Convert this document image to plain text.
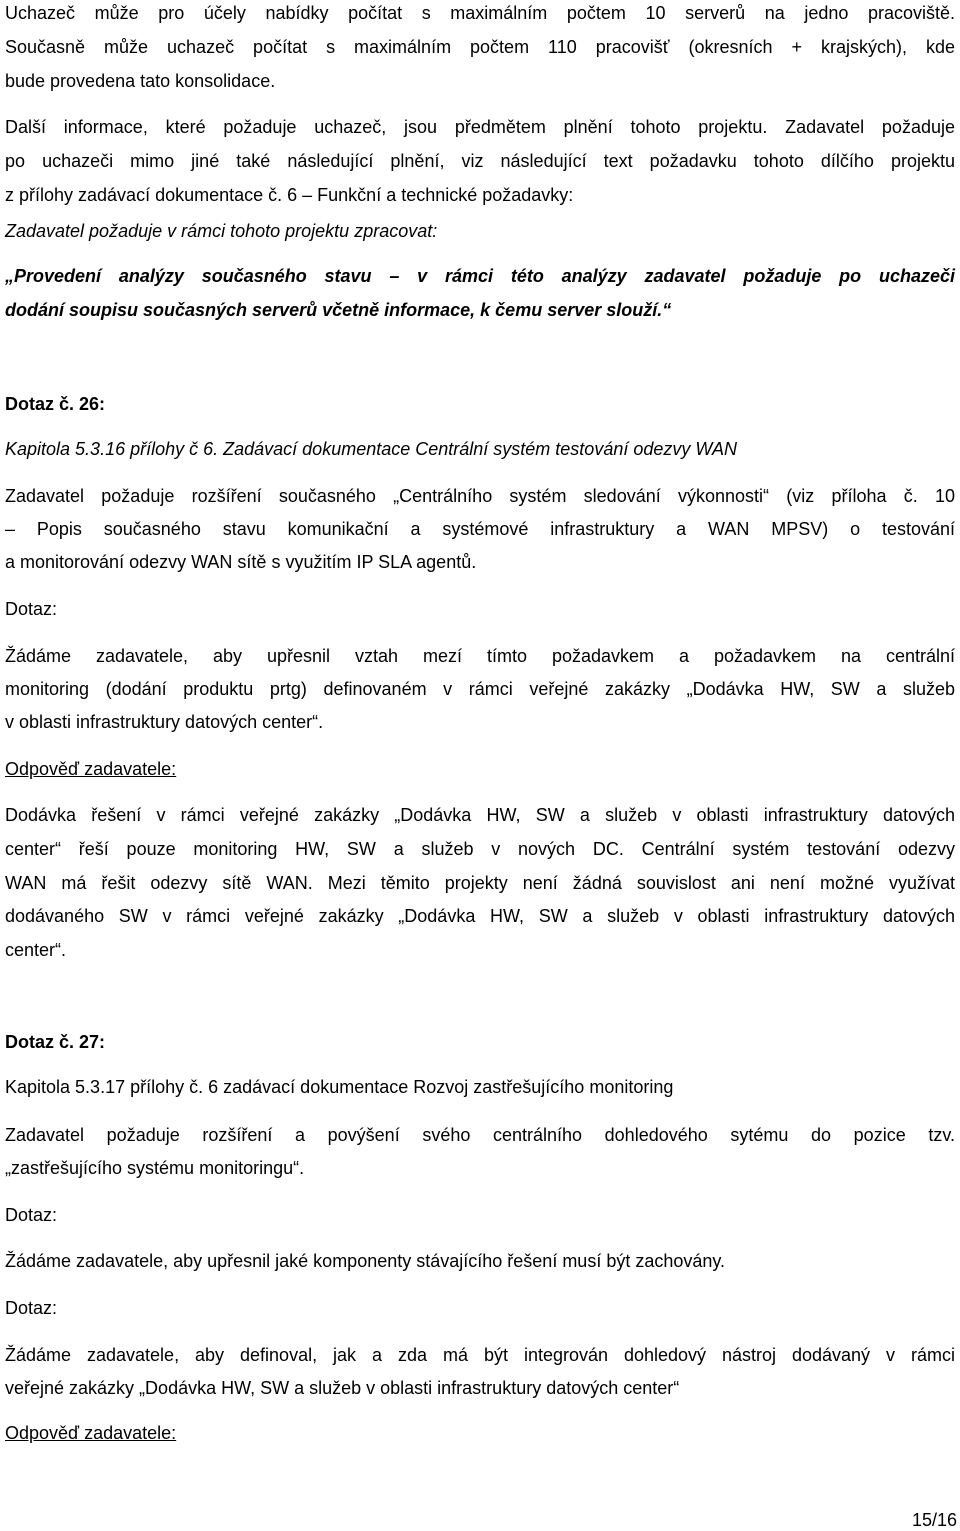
Uchazeč může pro účely nabídky počítat s maximálním počtem 10 serverů na jedno pracoviště.
Současně může uchazeč počítat s maximálním počtem 110 pracovišť (okresních + krajských), kde
bude provedena tato konsolidace.
Další informace, které požaduje uchazeč, jsou předmětem plnění tohoto projektu. Zadavatel požaduje
po uchazeči mimo jiné také následující plnění, viz následující text požadavku tohoto dílčího projektu
z přílohy zadávací dokumentace č. 6 – Funkční a technické požadavky:
Zadavatel požaduje v rámci tohoto projektu zpracovat:
„Provedení analýzy současného stavu – v rámci této analýzy zadavatel požaduje po uchazeči
dodání soupisu současných serverů včetně informace, k čemu server slouží.“
Dotaz č. 26:
Kapitola 5.3.16 přílohy č 6. Zadávací dokumentace Centrální systém testování odezvy WAN
Zadavatel požaduje rozšíření současného „Centrálního systém sledování výkonnosti“ (viz příloha č. 10
– Popis současného stavu komunikační a systémové infrastruktury a WAN MPSV) o testování
a monitorování odezvy WAN sítě s využitím IP SLA agentů.
Dotaz:
Žádáme zadavatele, aby upřesnil vztah mezí tímto požadavkem a požadavkem na centrální
monitoring (dodání produktu prtg) definovaném v rámci veřejné zakázky „Dodávka HW, SW a služeb
v oblasti infrastruktury datových center“.
Odpověď zadavatele:
Dodávka řešení v rámci veřejné zakázky „Dodávka HW, SW a služeb v oblasti infrastruktury datových
center“ řeší pouze monitoring HW, SW a služeb v nových DC. Centrální systém testování odezvy
WAN má řešit odezvy sítě WAN. Mezi těmito projekty není žádná souvislost ani není možné využívat
dodávaného SW v rámci veřejné zakázky „Dodávka HW, SW a služeb v oblasti infrastruktury datových
center“.
Dotaz č. 27:
Kapitola 5.3.17 přílohy č. 6 zadávací dokumentace Rozvoj zastřešujícího monitoring
Zadavatel požaduje rozšíření a povýšení svého centrálního dohledového sytému do pozice tzv.
„zastřešujícího systému monitoringu“.
Dotaz:
Žádáme zadavatele, aby upřesnil jaké komponenty stávajícího řešení musí být zachovány.
Dotaz:
Žádáme zadavatele, aby definoval, jak a zda má být integrován dohledový nástroj dodávaný v rámci
veřejné zakázky „Dodávka HW, SW a služeb v oblasti infrastruktury datových center“
Odpověď zadavatele:
15/16
